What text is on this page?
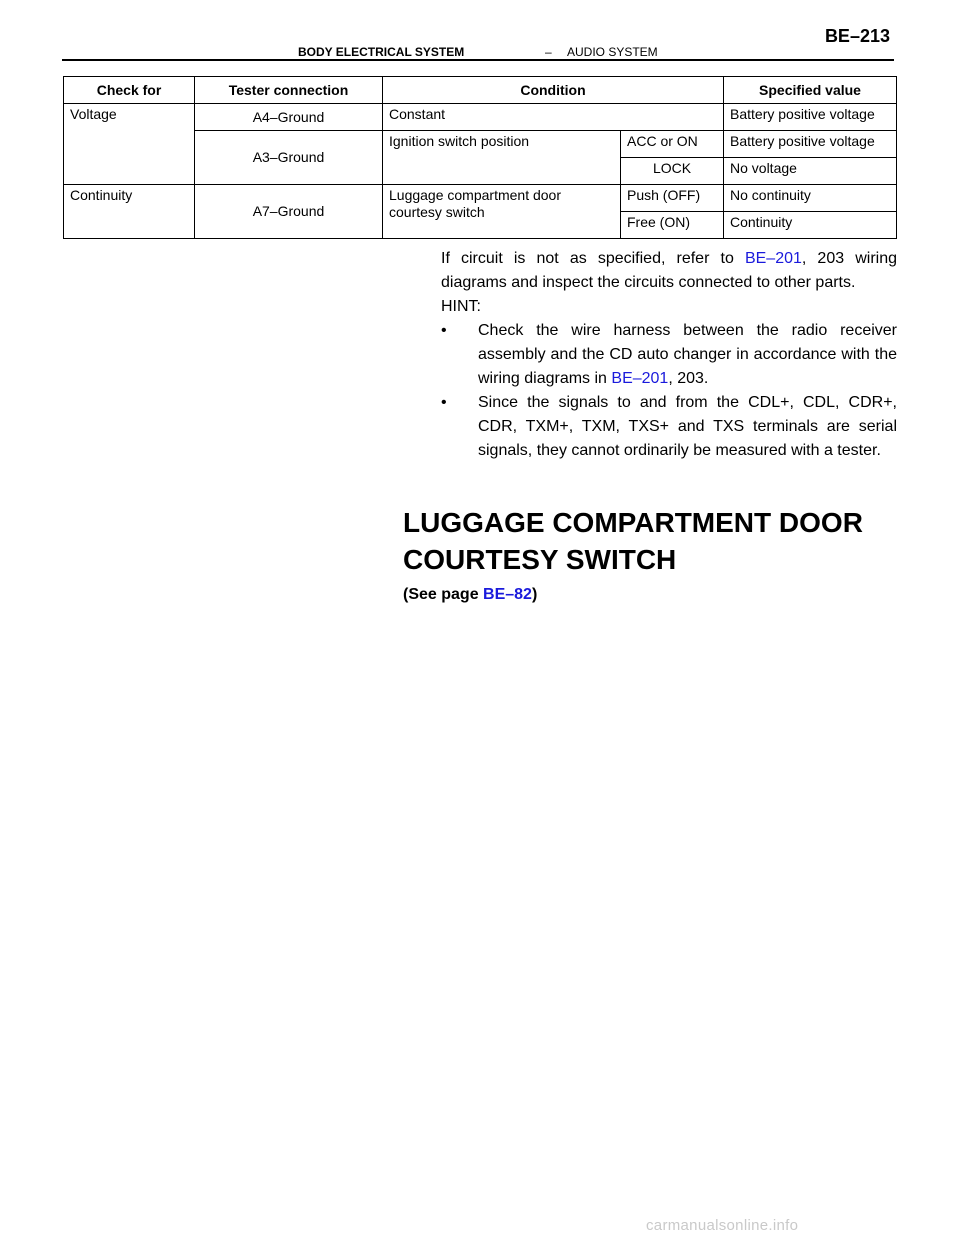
BODY ELECTRICAL SYSTEM	– AUDIO SYSTEM
BE–213
Check for	Tester connection	Condition		Specified value
Voltage	A4–Ground	Constant		Battery positive voltage
	A3–Ground	Ignition switch position	ACC or ON	Battery positive voltage
			LOCK	No voltage
Continuity	A7–Ground	Luggage compartment door courtesy switch	Push (OFF)	No continuity
			Free (ON)	Continuity

If circuit is not as specified, refer to BE–201, 203 wiring diagrams and inspect the circuits connected to other parts.

HINT:

• Check the wire harness between the radio receiver assembly and the CD auto changer in accordance with the wiring diagrams in BE–201, 203.
• Since the signals to and from the CDL+, CDL, CDR+, CDR, TXM+, TXM, TXS+ and TXS terminals are serial signals, they cannot ordinarily be measured with a tester.
LUGGAGE COMPARTMENT DOOR
COURTESY SWITCH
(See page BE–82)
carmanualsonline.info
